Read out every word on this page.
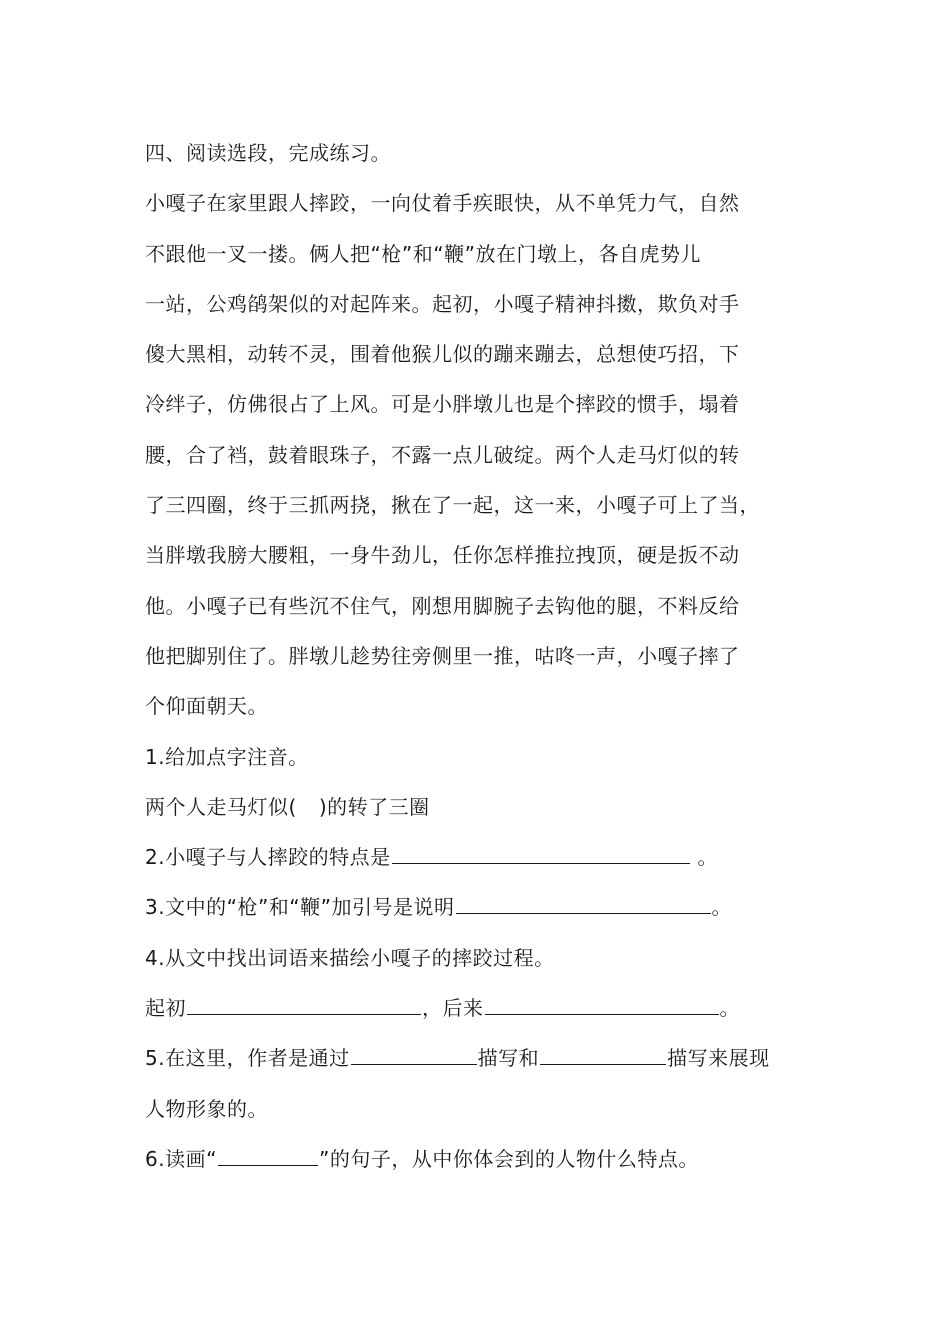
四、阅读选段，完成练习。
小嘎子在家里跟人摔跤，一向仗着手疾眼快，从不单凭力气，自然
不跟他一叉一搂。俩人把“枪”和“鞭”放在门墩上，各自虎势儿
一站，公鸡鹐架似的对起阵来。起初，小嘎子精神抖擞，欺负对手
傻大黑相，动转不灵，围着他猴儿似的蹦来蹦去，总想使巧招，下
冷绊子，仿佛很占了上风。可是小胖墩儿也是个摔跤的惯手，塌着
腰，合了裆，鼓着眼珠子，不露一点儿破绽。两个人走马灯似的转
了三四圈，终于三抓两挠，揪在了一起，这一来，小嘎子可上了当，
当胖墩我膀大腰粗，一身牛劲儿，任你怎样推拉拽顶，硬是扳不动
他。小嘎子已有些沉不住气，刚想用脚腕子去钩他的腿，不料反给
他把脚别住了。胖墩儿趁势往旁侧里一推，咕咚一声，小嘎子摔了
个仰面朝天。
1.给加点字注音。
两个人走马灯似( )的转了三圈
2.小嘎子与人摔跤的特点是	。
3.文中的“枪”和“鞭”加引号是说明	。
4.从文中找出词语来描绘小嘎子的摔跤过程。
起初	，后来	。
5.在这里，作者是通过	描写和	描写来展现
人物形象的。
6.读画“	”的句子，从中你体会到的人物什么特点。
